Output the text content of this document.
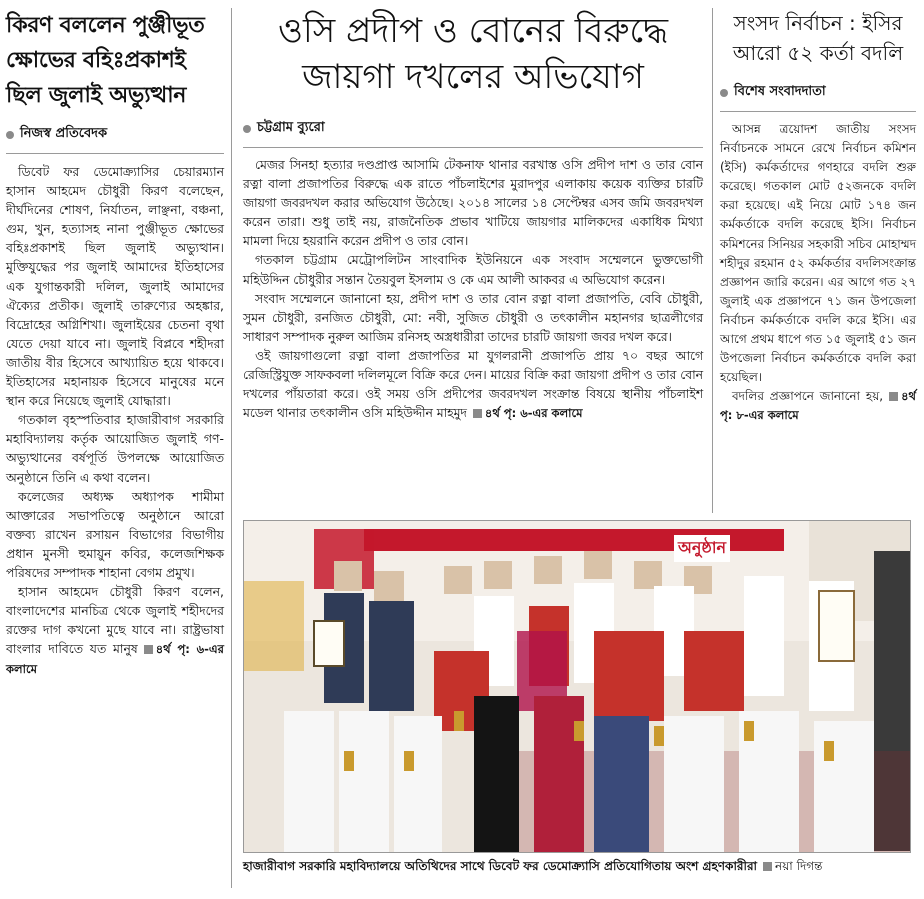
কিরণ বললেন পুঞ্জীভূত ক্ষোভের বহিঃপ্রকাশই ছিল জুলাই অভ্যুত্থান
নিজস্ব প্রতিবেদক

ডিবেট ফর ডেমোক্র্যাসির চেয়ারম্যান হাসান আহমেদ চৌধুরী কিরণ বলেছেন, দীর্ঘদিনের শোষণ, নির্যাতন, লাঞ্ছনা, বঞ্চনা, গুম, খুন, হত্যাসহ নানা পুঞ্জীভূত ক্ষোভের বহিঃপ্রকাশই ছিল জুলাই অভ্যুত্থান। মুক্তিযুদ্ধের পর জুলাই আমাদের ইতিহাসের এক যুগান্তকারী দলিল, জুলাই আমাদের ঐক্যের প্রতীক। জুলাই তারুণ্যের অহঙ্কার, বিদ্রোহের অগ্নিশিখা। জুলাইয়ের চেতনা বৃথা যেতে দেয়া যাবে না। জুলাই বিপ্লবে শহীদরা জাতীয় বীর হিসেবে আখ্যায়িত হয়ে থাকবে। ইতিহাসের মহানায়ক হিসেবে মানুষের মনে স্থান করে নিয়েছে জুলাই যোদ্ধারা।

গতকাল বৃহস্পতিবার হাজারীবাগ সরকারি মহাবিদ্যালয় কর্তৃক আয়োজিত জুলাই গণ-অভ্যুত্থানের বর্ষপূর্তি উপলক্ষে আয়োজিত অনুষ্ঠানে তিনি এ কথা বলেন।

কলেজের অধ্যক্ষ অধ্যাপক শামীমা আক্তারের সভাপতিত্বে অনুষ্ঠানে আরো বক্তব্য রাখেন রসায়ন বিভাগের বিভাগীয় প্রধান মুনসী হুমায়ুন কবির, কলেজশিক্ষক পরিষদের সম্পাদক শাহানা বেগম প্রমুখ।

হাসান আহমেদ চৌধুরী কিরণ বলেন, বাংলাদেশের মানচিত্র থেকে জুলাই শহীদদের রক্তের দাগ কখনো মুছে যাবে না। রাষ্ট্রভাষা বাংলার দাবিতে যত মানুষ ৪র্থ পৃ: ৬-এর কলামে

ওসি প্রদীপ ও বোনের বিরুদ্ধে জায়গা দখলের অভিযোগ
চট্টগ্রাম ব্যুরো

মেজর সিনহা হত্যার দণ্ডপ্রাপ্ত আসামি টেকনাফ থানার বরখাস্ত ওসি প্রদীপ দাশ ও তার বোন রত্না বালা প্রজাপতির বিরুদ্ধে এক রাতে পাঁচলাইশের মুরাদপুর এলাকায় কয়েক ব্যক্তির চারটি জায়গা জবরদখল করার অভিযোগ উঠেছে। ২০১৪ সালের ১৪ সেপ্টেম্বর এসব জমি জবরদখল করেন তারা। শুধু তাই নয়, রাজনৈতিক প্রভাব খাটিয়ে জায়গার মালিকদের একাধিক মিথ্যা মামলা দিয়ে হয়রানি করেন প্রদীপ ও তার বোন।

গতকাল চট্টগ্রাম মেট্রোপলিটন সাংবাদিক ইউনিয়নে এক সংবাদ সম্মেলনে ভুক্তভোগী মহিউদ্দিন চৌধুরীর সন্তান তৈয়বুল ইসলাম ও কে এম আলী আকবর এ অভিযোগ করেন।

সংবাদ সম্মেলনে জানানো হয়, প্রদীপ দাশ ও তার বোন রত্না বালা প্রজাপতি, বেবি চৌধুরী, সুমন চৌধুরী, রনজিত চৌধুরী, মো: নবী, সুজিত চৌধুরী ও তৎকালীন মহানগর ছাত্রলীগের সাধারণ সম্পাদক নুরুল আজিম রনিসহ অস্ত্রধারীরা তাদের চারটি জায়গা জবর দখল করে।

ওই জায়গাগুলো রত্না বালা প্রজাপতির মা যুগলরানী প্রজাপতি প্রায় ৭০ বছর আগে রেজিস্ট্রিযুক্ত সাফকবলা দলিলমূলে বিক্রি করে দেন। মায়ের বিক্রি করা জায়গা প্রদীপ ও তার বোন দখলের পাঁয়তারা করে। ওই সময় ওসি প্রদীপের জবরদখল সংক্রান্ত বিষয়ে স্থানীয় পাঁচলাইশ মডেল থানার তৎকালীন ওসি মহিউদ্দীন মাহমুদ ৪র্থ পৃ: ৬-এর কলামে

সংসদ নির্বাচন : ইসির আরো ৫২ কর্তা বদলি
বিশেষ সংবাদদাতা

আসন্ন ত্রয়োদশ জাতীয় সংসদ নির্বাচনকে সামনে রেখে নির্বাচন কমিশন (ইসি) কর্মকর্তাদের গণহারে বদলি শুরু করেছে। গতকাল মোট ৫২জনকে বদলি করা হয়েছে। এই নিয়ে মোট ১৭৪ জন কর্মকর্তাকে বদলি করেছে ইসি। নির্বাচন কমিশনের সিনিয়র সহকারী সচিব মোহাম্মদ শহীদুর রহমান ৫২ কর্মকর্তার বদলিসংক্রান্ত প্রজ্ঞাপন জারি করেন। এর আগে গত ২৭ জুলাই এক প্রজ্ঞাপনে ৭১ জন উপজেলা নির্বাচন কর্মকর্তাকে বদলি করে ইসি। এর আগে প্রথম ধাপে গত ১৫ জুলাই ৫১ জন উপজেলা নির্বাচন কর্মকর্তাকে বদলি করা হয়েছিল।

বদলির প্রজ্ঞাপনে জানানো হয়, ৪র্থ পৃ: ৮-এর কলামে

অনুষ্ঠান
হাজারীবাগ সরকারি মহাবিদ্যালয়ে অতিথিদের সাথে ডিবেট ফর ডেমোক্র্যাসি প্রতিযোগিতায় অংশ গ্রহণকারীরা নয়া দিগন্ত
